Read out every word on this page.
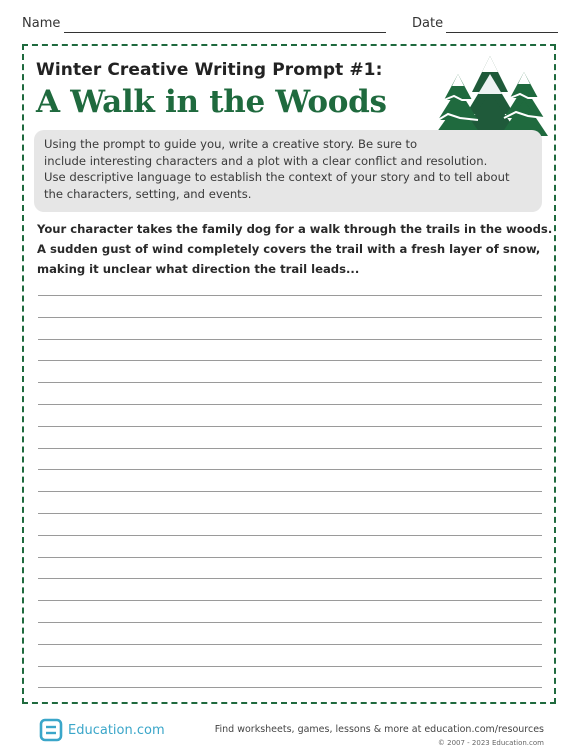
Name	Date
Winter Creative Writing Prompt #1:
A Walk in the Woods
Using the prompt to guide you, write a creative story. Be sure to
include interesting characters and a plot with a clear conflict and resolution.
Use descriptive language to establish the context of your story and to tell about
the characters, setting, and events.
Your character takes the family dog for a walk through the trails in the woods.
A sudden gust of wind completely covers the trail with a fresh layer of snow,
making it unclear what direction the trail leads...
Education.com	Find worksheets, games, lessons & more at education.com/resources
© 2007 - 2023 Education.com
